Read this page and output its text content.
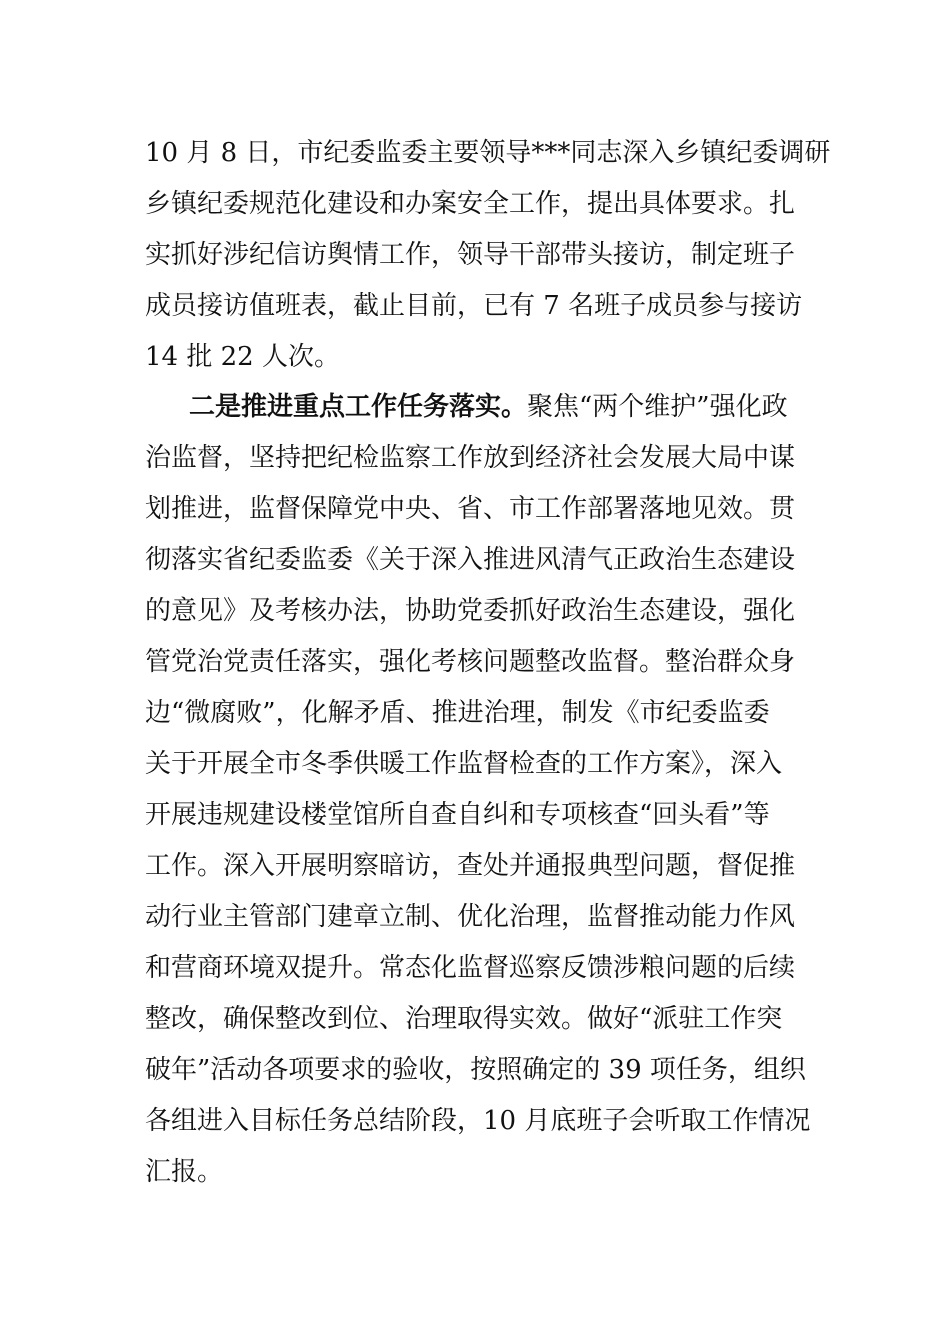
10 月 8 日，市纪委监委主要领导***同志深入乡镇纪委调研
乡镇纪委规范化建设和办案安全工作，提出具体要求。扎
实抓好涉纪信访舆情工作，领导干部带头接访，制定班子
成员接访值班表，截止目前，已有 7 名班子成员参与接访
14 批 22 人次。
二是推进重点工作任务落实。聚焦“两个维护”强化政
治监督，坚持把纪检监察工作放到经济社会发展大局中谋
划推进，监督保障党中央、省、市工作部署落地见效。贯
彻落实省纪委监委《关于深入推进风清气正政治生态建设
的意见》及考核办法，协助党委抓好政治生态建设，强化
管党治党责任落实，强化考核问题整改监督。整治群众身
边“微腐败”，化解矛盾、推进治理，制发《市纪委监委
关于开展全市冬季供暖工作监督检查的工作方案》，深入
开展违规建设楼堂馆所自查自纠和专项核查“回头看”等
工作。深入开展明察暗访，查处并通报典型问题，督促推
动行业主管部门建章立制、优化治理，监督推动能力作风
和营商环境双提升。常态化监督巡察反馈涉粮问题的后续
整改，确保整改到位、治理取得实效。做好“派驻工作突
破年”活动各项要求的验收，按照确定的 39 项任务，组织
各组进入目标任务总结阶段，10 月底班子会听取工作情况
汇报。
